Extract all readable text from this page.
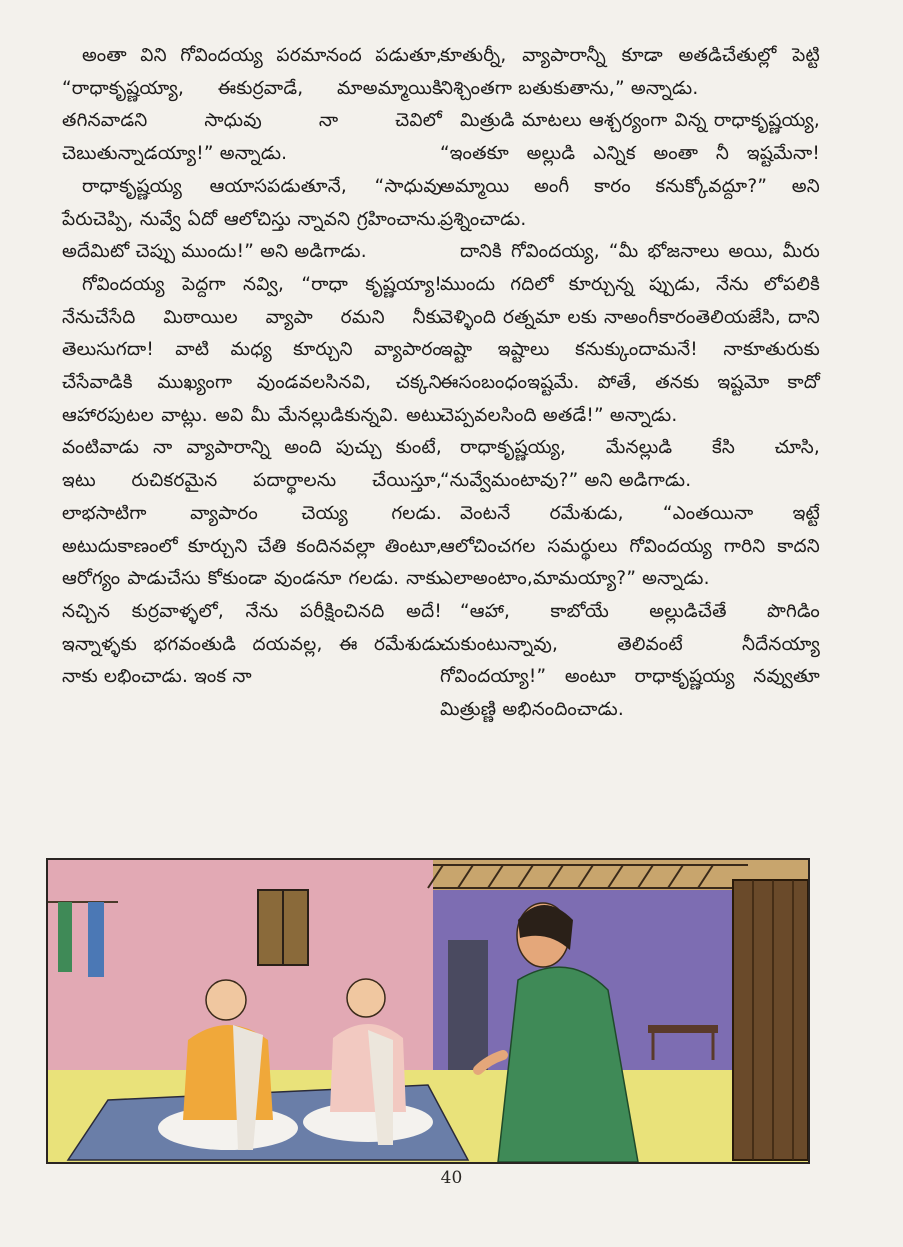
అంతా విని గోవిందయ్య పరమానంద పడుతూ, “రాధాకృష్ణయ్యా, ఈకుర్రవాడే, మాఅమ్మాయికి తగినవాడని సాధువు నా చెవిలో చెబుతున్నాడయ్యా!” అన్నాడు.

రాధాకృష్ణయ్య ఆయాసపడుతూనే, “సాధువు పేరుచెప్పి, నువ్వే ఏదో ఆలోచిస్తు న్నావని గ్రహించాను. అదేమిటో చెప్పు ముందు!” అని అడిగాడు.

గోవిందయ్య పెద్దగా నవ్వి, “రాధా కృష్ణయ్యా! నేనుచేసేది మిఠాయిల వ్యాపా రమని నీకు తెలుసుగదా! వాటి మధ్య కూర్చుని వ్యాపారం చేసేవాడికి ముఖ్యంగా వుండవలసినవి, చక్కని ఆహారపుటల వాట్లు. అవి మీ మేనల్లుడికున్నవి. అటు వంటివాడు నా వ్యాపారాన్ని అంది పుచ్చు కుంటే, ఇటు రుచికరమైన పదార్థాలను చేయిస్తూ, లాభసాటిగా వ్యాపారం చెయ్య గలడు. అటుదుకాణంలో కూర్చుని చేతి కందినవల్లా తింటూ, ఆరోగ్యం పాడుచేసు కోకుండా వుండనూ గలడు. నాకు నచ్చిన కుర్రవాళ్ళలో, నేను పరీక్షించినది అదే! ఇన్నాళ్ళకు భగవంతుడి దయవల్ల, ఈ రమేశుడు నాకు లభించాడు. ఇంక నా

కూతుర్నీ, వ్యాపారాన్నీ కూడా అతడిచేతుల్లో పెట్టి నిశ్చింతగా బతుకుతాను,” అన్నాడు.

మిత్రుడి మాటలు ఆశ్చర్యంగా విన్న రాధాకృష్ణయ్య, “ఇంతకూ అల్లుడి ఎన్నిక అంతా నీ ఇష్టమేనా! అమ్మాయి అంగీ కారం కనుక్కోవద్దూ?” అని ప్రశ్నించాడు.

దానికి గోవిందయ్య, “మీ భోజనాలు అయి, మీరు ముందు గదిలో కూర్చున్న ప్పుడు, నేను లోపలికి వెళ్ళింది రత్నమా లకు నాఅంగీకారంతెలియజేసి, దాని ఇష్టా ఇష్టాలు కనుక్కుందామనే! నాకూతురుకు ఈసంబంధంఇష్టమే. పోతే, తనకు ఇష్టమో కాదో చెప్పవలసింది అతడే!” అన్నాడు.

రాధాకృష్ణయ్య, మేనల్లుడి కేసి చూసి, “నువ్వేమంటావు?” అని అడిగాడు.

వెంటనే రమేశుడు, “ఎంతయినా ఇట్టే ఆలోచించగల సమర్థులు గోవిందయ్య గారిని కాదని ఎలాఅంటాం,మామయ్యా?” అన్నాడు.

“ఆహా, కాబోయే అల్లుడిచేతే పొగిడిం చుకుంటున్నావు, తెలివంటే నీదేనయ్యా గోవిందయ్యా!” అంటూ రాధాకృష్ణయ్య నవ్వుతూ మిత్రుణ్ణి అభినందించాడు.

40
